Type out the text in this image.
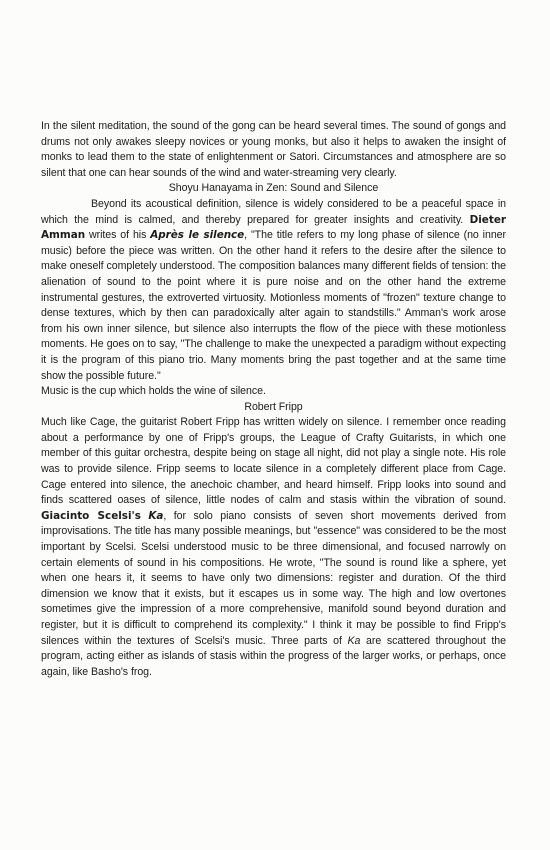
In the silent meditation, the sound of the gong can be heard several times. The sound of gongs and drums not only awakes sleepy novices or young monks, but also it helps to awaken the insight of monks to lead them to the state of enlightenment or Satori. Circumstances and atmosphere are so silent that one can hear sounds of the wind and water-streaming very clearly.

Shoyu Hanayama in Zen: Sound and Silence

Beyond its acoustical definition, silence is widely considered to be a peaceful space in which the mind is calmed, and thereby prepared for greater insights and creativity. Dieter Amman writes of his Après le silence, "The title refers to my long phase of silence (no inner music) before the piece was written. On the other hand it refers to the desire after the silence to make oneself completely understood. The composition balances many different fields of tension: the alienation of sound to the point where it is pure noise and on the other hand the extreme instrumental gestures, the extroverted virtuosity. Motionless moments of "frozen" texture change to dense textures, which by then can paradoxically alter again to standstills." Amman's work arose from his own inner silence, but silence also interrupts the flow of the piece with these motionless moments. He goes on to say, "The challenge to make the unexpected a paradigm without expecting it is the program of this piano trio. Many moments bring the past together and at the same time show the possible future."

Music is the cup which holds the wine of silence.

Robert Fripp

Much like Cage, the guitarist Robert Fripp has written widely on silence. I remember once reading about a performance by one of Fripp's groups, the League of Crafty Guitarists, in which one member of this guitar orchestra, despite being on stage all night, did not play a single note. His role was to provide silence. Fripp seems to locate silence in a completely different place from Cage. Cage entered into silence, the anechoic chamber, and heard himself. Fripp looks into sound and finds scattered oases of silence, little nodes of calm and stasis within the vibration of sound. Giacinto Scelsi's Ka, for solo piano consists of seven short movements derived from improvisations. The title has many possible meanings, but "essence" was considered to be the most important by Scelsi. Scelsi understood music to be three dimensional, and focused narrowly on certain elements of sound in his compositions. He wrote, "The sound is round like a sphere, yet when one hears it, it seems to have only two dimensions: register and duration. Of the third dimension we know that it exists, but it escapes us in some way. The high and low overtones sometimes give the impression of a more comprehensive, manifold sound beyond duration and register, but it is difficult to comprehend its complexity." I think it may be possible to find Fripp's silences within the textures of Scelsi's music. Three parts of Ka are scattered throughout the program, acting either as islands of stasis within the progress of the larger works, or perhaps, once again, like Basho's frog.
